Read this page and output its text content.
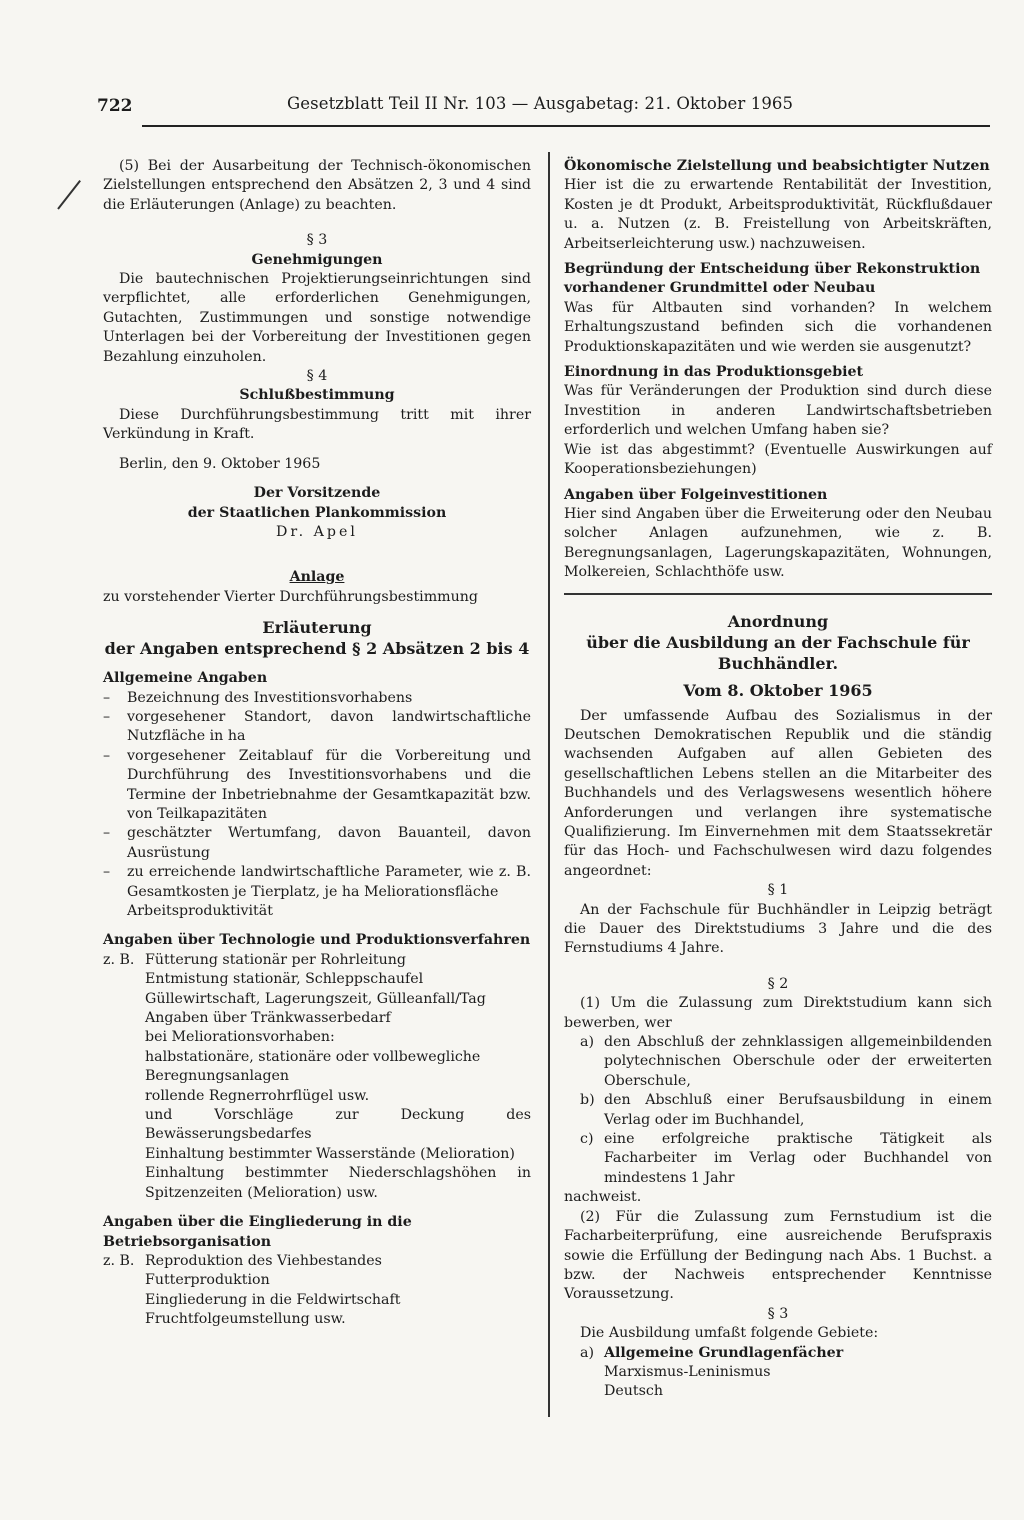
722	Gesetzblatt Teil II Nr. 103 — Ausgabetag: 21. Oktober 1965

(5) Bei der Ausarbeitung der Technisch-ökonomischen Zielstellungen entsprechend den Absätzen 2, 3 und 4 sind die Erläuterungen (Anlage) zu beachten.

§ 3

Genehmigungen

Die bautechnischen Projektierungseinrichtungen sind verpflichtet, alle erforderlichen Genehmigungen, Gutachten, Zustimmungen und sonstige notwendige Unterlagen bei der Vorbereitung der Investitionen gegen Bezahlung einzuholen.

§ 4

Schlußbestimmung

Diese Durchführungsbestimmung tritt mit ihrer Verkündung in Kraft.

Berlin, den 9. Oktober 1965

Der Vorsitzende

der Staatlichen Plankommission

Dr. Apel

Anlage

zu vorstehender Vierter Durchführungsbestimmung

Erläuterung

der Angaben entsprechend § 2 Absätzen 2 bis 4

Allgemeine Angaben

–	Bezeichnung des Investitionsvorhabens
–	vorgesehener Standort, davon landwirtschaftliche Nutzfläche in ha
–	vorgesehener Zeitablauf für die Vorbereitung und Durchführung des Investitionsvorhabens und die Termine der Inbetriebnahme der Gesamtkapazität bzw. von Teilkapazitäten
–	geschätzter Wertumfang, davon Bauanteil, davon Ausrüstung
–	zu erreichende landwirtschaftliche Parameter, wie z. B. Gesamtkosten je Tierplatz, je ha Meliorationsfläche
Arbeitsproduktivität

Angaben über Technologie und Produktionsverfahren

z. B. Fütterung stationär per Rohrleitung

Entmistung stationär, Schleppschaufel

Güllewirtschaft, Lagerungszeit, Gülleanfall/Tag

Angaben über Tränkwasserbedarf

bei Meliorationsvorhaben:

halbstationäre, stationäre oder vollbewegliche Beregnungsanlagen

rollende Regnerrohrflügel usw.

und Vorschläge zur Deckung des Bewässerungsbedarfes

Einhaltung bestimmter Wasserstände (Melioration)

Einhaltung bestimmter Niederschlagshöhen in Spitzenzeiten (Melioration) usw.

Angaben über die Eingliederung in die Betriebsorganisation

z. B. Reproduktion des Viehbestandes

Futterproduktion

Eingliederung in die Feldwirtschaft

Fruchtfolgeumstellung usw.

Ökonomische Zielstellung und beabsichtigter Nutzen

Hier ist die zu erwartende Rentabilität der Investition, Kosten je dt Produkt, Arbeitsproduktivität, Rückflußdauer u. a. Nutzen (z. B. Freistellung von Arbeitskräften, Arbeitserleichterung usw.) nachzuweisen.

Begründung der Entscheidung über Rekonstruktion vorhandener Grundmittel oder Neubau

Was für Altbauten sind vorhanden? In welchem Erhaltungszustand befinden sich die vorhandenen Produktionskapazitäten und wie werden sie ausgenutzt?

Einordnung in das Produktionsgebiet

Was für Veränderungen der Produktion sind durch diese Investition in anderen Landwirtschaftsbetrieben erforderlich und welchen Umfang haben sie?

Wie ist das abgestimmt? (Eventuelle Auswirkungen auf Kooperationsbeziehungen)

Angaben über Folgeinvestitionen

Hier sind Angaben über die Erweiterung oder den Neubau solcher Anlagen aufzunehmen, wie z. B. Beregnungsanlagen, Lagerungskapazitäten, Wohnungen, Molkereien, Schlachthöfe usw.

Anordnung

über die Ausbildung an der Fachschule für Buchhändler.

Vom 8. Oktober 1965

Der umfassende Aufbau des Sozialismus in der Deutschen Demokratischen Republik und die ständig wachsenden Aufgaben auf allen Gebieten des gesellschaftlichen Lebens stellen an die Mitarbeiter des Buchhandels und des Verlagswesens wesentlich höhere Anforderungen und verlangen ihre systematische Qualifizierung. Im Einvernehmen mit dem Staatssekretär für das Hoch- und Fachschulwesen wird dazu folgendes angeordnet:

§ 1

An der Fachschule für Buchhändler in Leipzig beträgt die Dauer des Direktstudiums 3 Jahre und die des Fernstudiums 4 Jahre.

§ 2

(1) Um die Zulassung zum Direktstudium kann sich bewerben, wer

a) den Abschluß der zehnklassigen allgemeinbildenden polytechnischen Oberschule oder der erweiterten Oberschule,
b) den Abschluß einer Berufsausbildung in einem Verlag oder im Buchhandel,
c) eine erfolgreiche praktische Tätigkeit als Facharbeiter im Verlag oder Buchhandel von mindestens 1 Jahr

nachweist.

(2) Für die Zulassung zum Fernstudium ist die Facharbeiterprüfung, eine ausreichende Berufspraxis sowie die Erfüllung der Bedingung nach Abs. 1 Buchst. a bzw. der Nachweis entsprechender Kenntnisse Voraussetzung.

§ 3

Die Ausbildung umfaßt folgende Gebiete:

a) Allgemeine Grundlagenfächer

Marxismus-Leninismus

Deutsch
